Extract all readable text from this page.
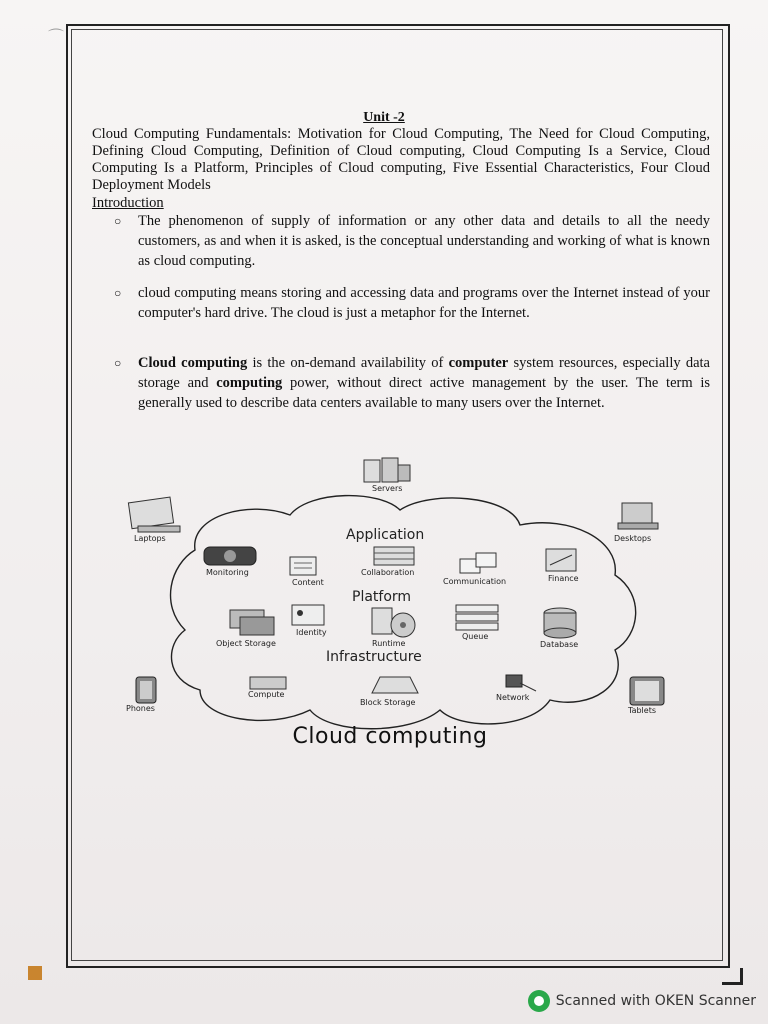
⌒
Unit -2
Cloud Computing Fundamentals: Motivation for Cloud Computing, The Need for Cloud Computing, Defining Cloud Computing, Definition of Cloud computing, Cloud Computing Is a Service, Cloud Computing Is a Platform, Principles of Cloud computing, Five Essential Characteristics, Four Cloud Deployment Models
Introduction
○ The phenomenon of supply of information or any other data and details to all the needy customers, as and when it is asked, is the conceptual understanding and working of what is known as cloud computing.
○ cloud computing means storing and accessing data and programs over the Internet instead of your computer's hard drive. The cloud is just a metaphor for the Internet.
○ Cloud computing is the on-demand availability of computer system resources, especially data storage and computing power, without direct active management by the user. The term is generally used to describe data centers available to many users over the Internet.
Servers
Laptops	Desktops
Phones	Tablets
Application
Platform
Infrastructure
Monitoring
Content
Collaboration
Communication	Finance
Object Storage
Identity
Runtime
Queue
Database
Compute
Block Storage
Network
Cloud computing
Scanned with OKEN Scanner
